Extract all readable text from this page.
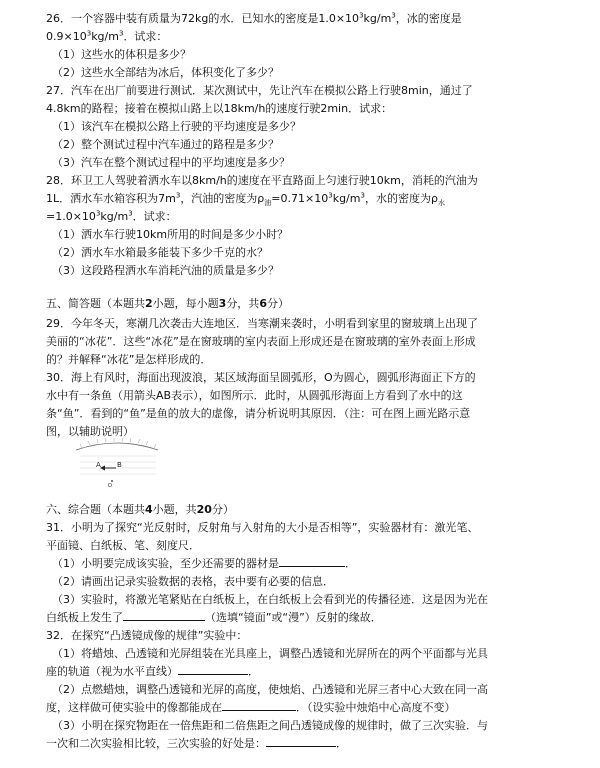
26．一个容器中装有质量为72kg的水．已知水的密度是$1.0\times 10^3kg/m^3$，冰的密度是
$0.9\times 10^3kg/m^3$．试求：
（1）这些水的体积是多少？
（2）这些水全部结为冰后，体积变化了多少？
27．汽车在出厂前要进行测试．某次测试中，先让汽车在模拟公路上行驶8min，通过了
4.8km的路程；接着在模拟山路上以18km/h的速度行驶2min．试求：
（1）该汽车在模拟公路上行驶的平均速度是多少？
（2）整个测试过程中汽车通过的路程是多少？
（3）汽车在整个测试过程中的平均速度是多少？
28．环卫工人驾驶着洒水车以8km/h的速度在平直路面上匀速行驶10km，消耗的汽油为
1L．洒水车水箱容积为$7m^3$，汽油的密度为$\rho_油=0.71\times 10^3kg/m^3$，水的密度为$\rho_水$
$=1.0\times 10^3kg/m^3$．试求：
（1）洒水车行驶10km所用的时间是多少小时？
（2）洒水车水箱最多能装下多少千克的水？
（3）这段路程洒水车消耗汽油的质量是多少？
五、简答题（本题共2小题，每小题3分，共6分）
29．今年冬天，寒潮几次袭击大连地区．当寒潮来袭时，小明看到家里的窗玻璃上出现了
美丽的“冰花”．这些“冰花”是在窗玻璃的室内表面上形成还是在窗玻璃的室外表面上形成
的？并解释“冰花”是怎样形成的．
30．海上有风时，海面出现波浪，某区域海面呈圆弧形，O为圆心，圆弧形海面正下方的
水中有一条鱼（用箭头AB表示），如图所示．此时，从圆弧形海面上方看到了水中的这
条“鱼”．看到的“鱼”是鱼的放大的虚像，请分析说明其原因．（注：可在图上画光路示意
图，以辅助说明）
A B
O
六、综合题（本题共4小题，共20分）
31．小明为了探究“光反射时，反射角与入射角的大小是否相等”，实验器材有：激光笔、
平面镜、白纸板、笔、刻度尺．
（1）小明要完成该实验，至少还需要的器材是	．
（2）请画出记录实验数据的表格，表中要有必要的信息．
（3）实验时，将激光笔紧贴在白纸板上，在白纸板上会看到光的传播径迹．这是因为光在
白纸板上发生了	（选填“镜面”或“漫”）反射的缘故．
32．在探究“凸透镜成像的规律”实验中：
（1）将蜡烛、凸透镜和光屏组装在光具座上，调整凸透镜和光屏所在的两个平面都与光具
座的轨道（视为水平直线）	．
（2）点燃蜡烛，调整凸透镜和光屏的高度，使烛焰、凸透镜和光屏三者中心大致在同一高
度，这样做可使实验中的像都能成在	．（设实验中烛焰中心高度不变）
（3）小明在探究物距在一倍焦距和二倍焦距之间凸透镜成像的规律时，做了三次实验．与
一次和二次实验相比较，三次实验的好处是：	．
